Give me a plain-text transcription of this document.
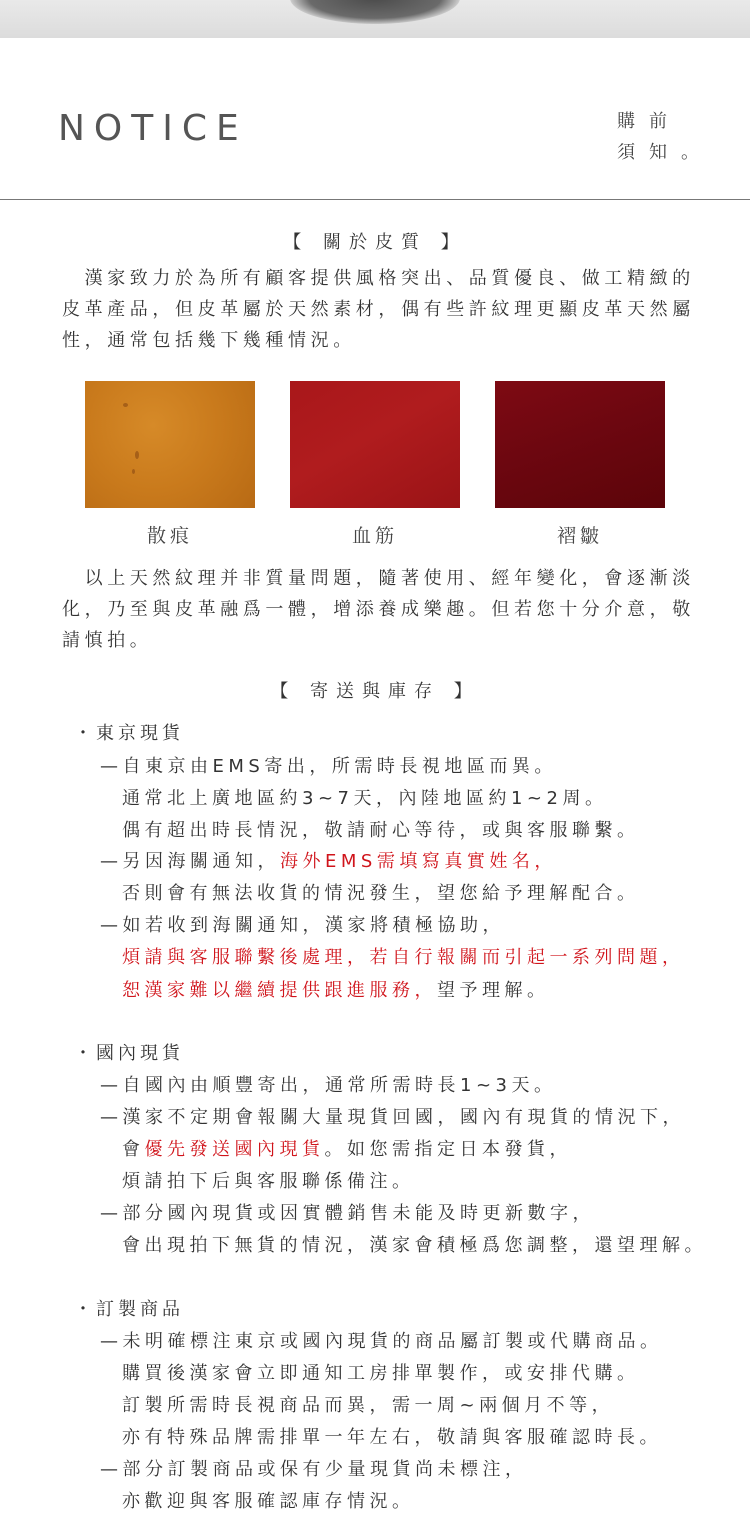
NOTICE	購前
須知。
【 關於皮質 】
　漢家致力於為所有顧客提供風格突出、品質優良、做工精緻的皮革產品，但皮革屬於天然素材，偶有些許紋理更顯皮革天然屬性，通常包括幾下幾種情況。
散痕	血筋	褶皺
　以上天然紋理并非質量問題，隨著使用、經年變化，會逐漸淡化，乃至與皮革融爲一體，增添養成樂趣。但若您十分介意，敬請慎拍。
【 寄送與庫存 】
・東京現貨
—自東京由EMS寄出，所需時長視地區而異。
通常北上廣地區約3~7天，內陸地區約1~2周。
偶有超出時長情況，敬請耐心等待，或與客服聯繫。
—另因海關通知，海外EMS需填寫真實姓名，
否則會有無法收貨的情況發生，望您給予理解配合。
—如若收到海關通知，漢家將積極協助，
煩請與客服聯繫後處理，若自行報關而引起一系列問題，
恕漢家難以繼續提供跟進服務，望予理解。
・國內現貨
—自國內由順豐寄出，通常所需時長1~3天。
—漢家不定期會報關大量現貨回國，國內有現貨的情況下，
會優先發送國內現貨。如您需指定日本發貨，
煩請拍下后與客服聯係備注。
—部分國內現貨或因實體銷售未能及時更新數字，
會出現拍下無貨的情況，漢家會積極爲您調整，還望理解。
・訂製商品
—未明確標注東京或國內現貨的商品屬訂製或代購商品。
購買後漢家會立即通知工房排單製作，或安排代購。
訂製所需時長視商品而異，需一周~兩個月不等，
亦有特殊品牌需排單一年左右，敬請與客服確認時長。
—部分訂製商品或保有少量現貨尚未標注，
亦歡迎與客服確認庫存情況。
